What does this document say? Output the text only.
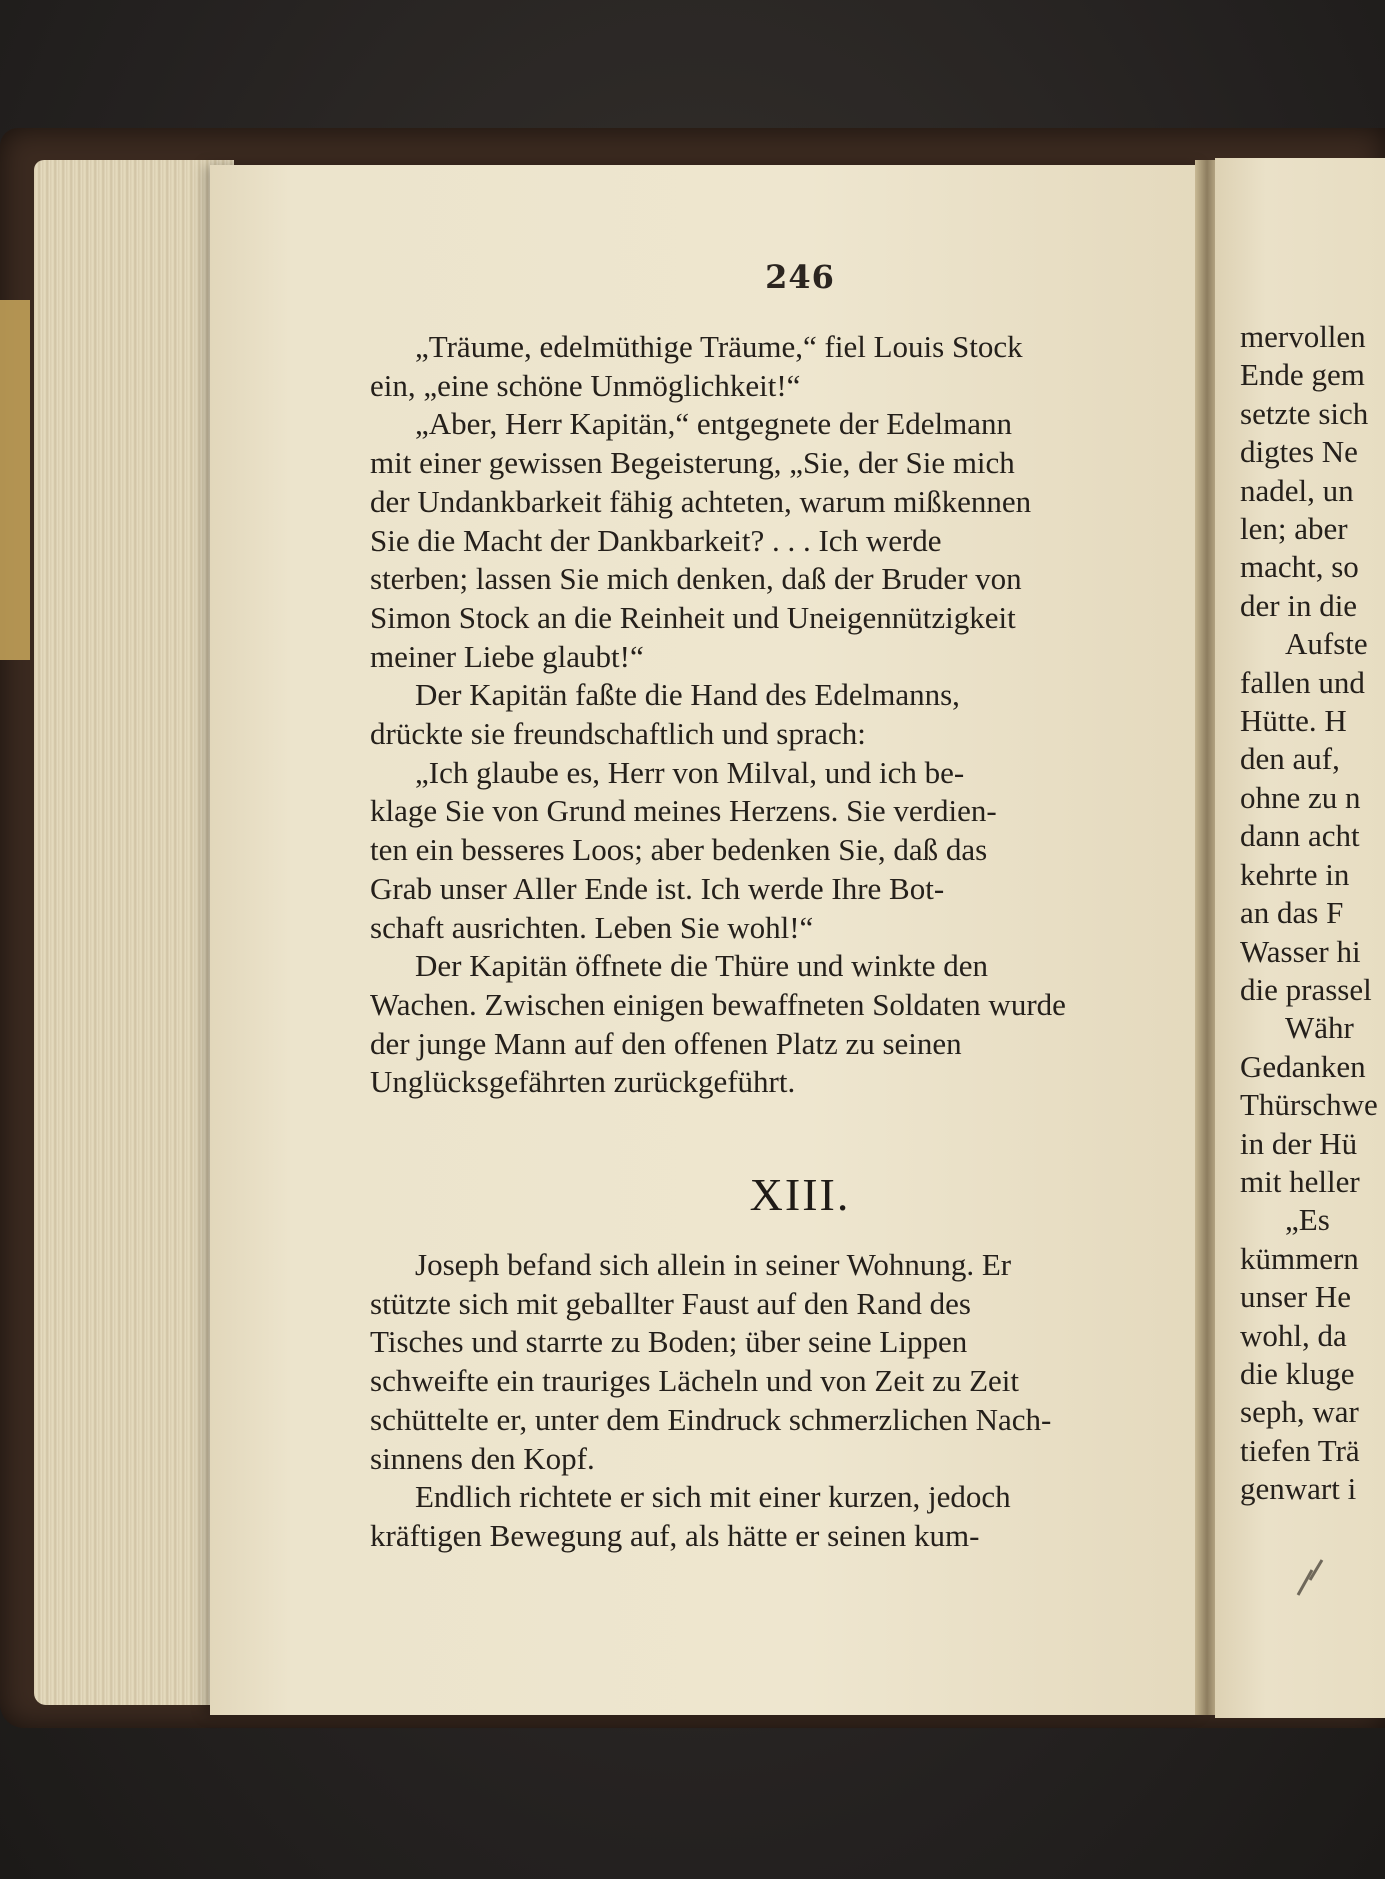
246

„Träume, edelmüthige Träume,“ fiel Louis Stock

ein, „eine schöne Unmöglichkeit!“

„Aber, Herr Kapitän,“ entgegnete der Edelmann

mit einer gewissen Begeisterung, „Sie, der Sie mich

der Undankbarkeit fähig achteten, warum mißkennen

Sie die Macht der Dankbarkeit? . . . Ich werde

sterben; lassen Sie mich denken, daß der Bruder von

Simon Stock an die Reinheit und Uneigennützigkeit

meiner Liebe glaubt!“

Der Kapitän faßte die Hand des Edelmanns,

drückte sie freundschaftlich und sprach:

„Ich glaube es, Herr von Milval, und ich be-

klage Sie von Grund meines Herzens. Sie verdien-

ten ein besseres Loos; aber bedenken Sie, daß das

Grab unser Aller Ende ist. Ich werde Ihre Bot-

schaft ausrichten. Leben Sie wohl!“

Der Kapitän öffnete die Thüre und winkte den

Wachen. Zwischen einigen bewaffneten Soldaten wurde

der junge Mann auf den offenen Platz zu seinen

Unglücksgefährten zurückgeführt.

XIII.

Joseph befand sich allein in seiner Wohnung. Er

stützte sich mit geballter Faust auf den Rand des

Tisches und starrte zu Boden; über seine Lippen

schweifte ein trauriges Lächeln und von Zeit zu Zeit

schüttelte er, unter dem Eindruck schmerzlichen Nach-

sinnens den Kopf.

Endlich richtete er sich mit einer kurzen, jedoch

kräftigen Bewegung auf, als hätte er seinen kum-

mervollen

Ende gem

setzte sich

digtes Ne

nadel, un

len; aber

macht, so

der in die

Aufste

fallen und

Hütte. H

den auf,

ohne zu n

dann acht

kehrte in

an das F

Wasser hi

die prassel

Währ

Gedanken

Thürschwe

in der Hü

mit heller

„Es

kümmern

unser He

wohl, da

die kluge

seph, war

tiefen Trä

genwart i
